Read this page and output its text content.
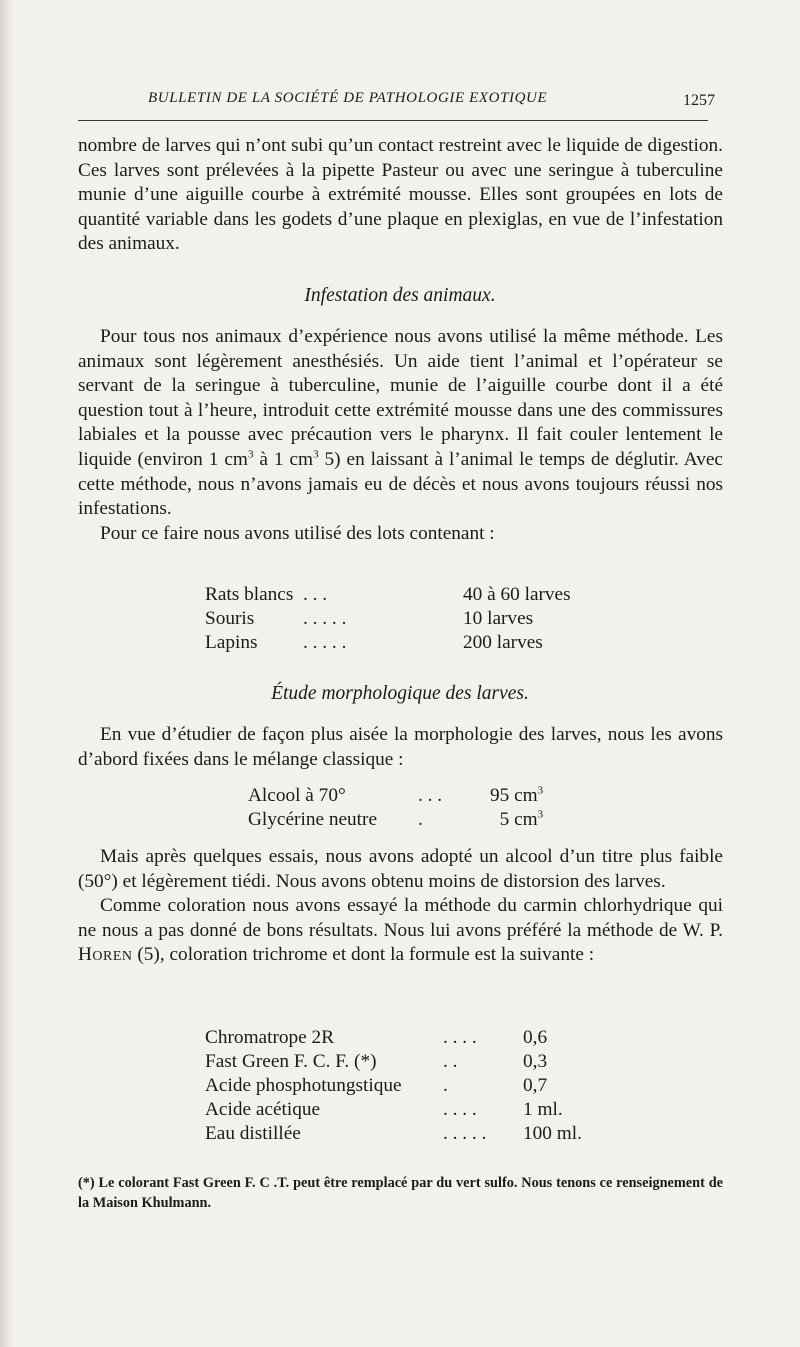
BULLETIN DE LA SOCIÉTÉ DE PATHOLOGIE EXOTIQUE	1257

nombre de larves qui n’ont subi qu’un contact restreint avec le liquide de digestion. Ces larves sont prélevées à la pipette Pasteur ou avec une seringue à tuberculine munie d’une aiguille courbe à extrémité mousse. Elles sont groupées en lots de quantité variable dans les godets d’une plaque en plexiglas, en vue de l’infestation des animaux.

Infestation des animaux.

Pour tous nos animaux d’expérience nous avons utilisé la même méthode. Les animaux sont légèrement anesthésiés. Un aide tient l’animal et l’opérateur se servant de la seringue à tuberculine, munie de l’aiguille courbe dont il a été question tout à l’heure, introduit cette extrémité mousse dans une des commissures labiales et la pousse avec précaution vers le pharynx. Il fait couler lentement le liquide (environ 1 $cm^3$ à 1 $cm^3$ 5) en laissant à l’animal le temps de déglutir. Avec cette méthode, nous n’avons jamais eu de décès et nous avons toujours réussi nos infestations.

Pour ce faire nous avons utilisé des lots contenant :

Rats blancs	. . .	40 à 60 larves
Souris	. . . . .	10 larves
Lapins	. . . . .	200 larves
Étude morphologique des larves.

En vue d’étudier de façon plus aisée la morphologie des larves, nous les avons d’abord fixées dans le mélange classique :

Alcool à 70°	. . .	95 $cm^3$
Glycérine neutre	.	5 $cm^3$

Mais après quelques essais, nous avons adopté un alcool d’un titre plus faible (50°) et légèrement tiédi. Nous avons obtenu moins de distorsion des larves.

Comme coloration nous avons essayé la méthode du carmin chlorhydrique qui ne nous a pas donné de bons résultats. Nous lui avons préféré la méthode de W. P. Horen (5), coloration trichrome et dont la formule est la suivante :

Chromatrope 2R	. . . .	0,6
Fast Green F. C. F. (*)	. .	0,3
Acide phosphotungstique	.	0,7
Acide acétique	. . . .	1 ml.
Eau distillée	. . . . .	100 ml.
(*) Le colorant Fast Green F. C .T. peut être remplacé par du vert sulfo. Nous tenons ce renseignement de la Maison Khulmann.
